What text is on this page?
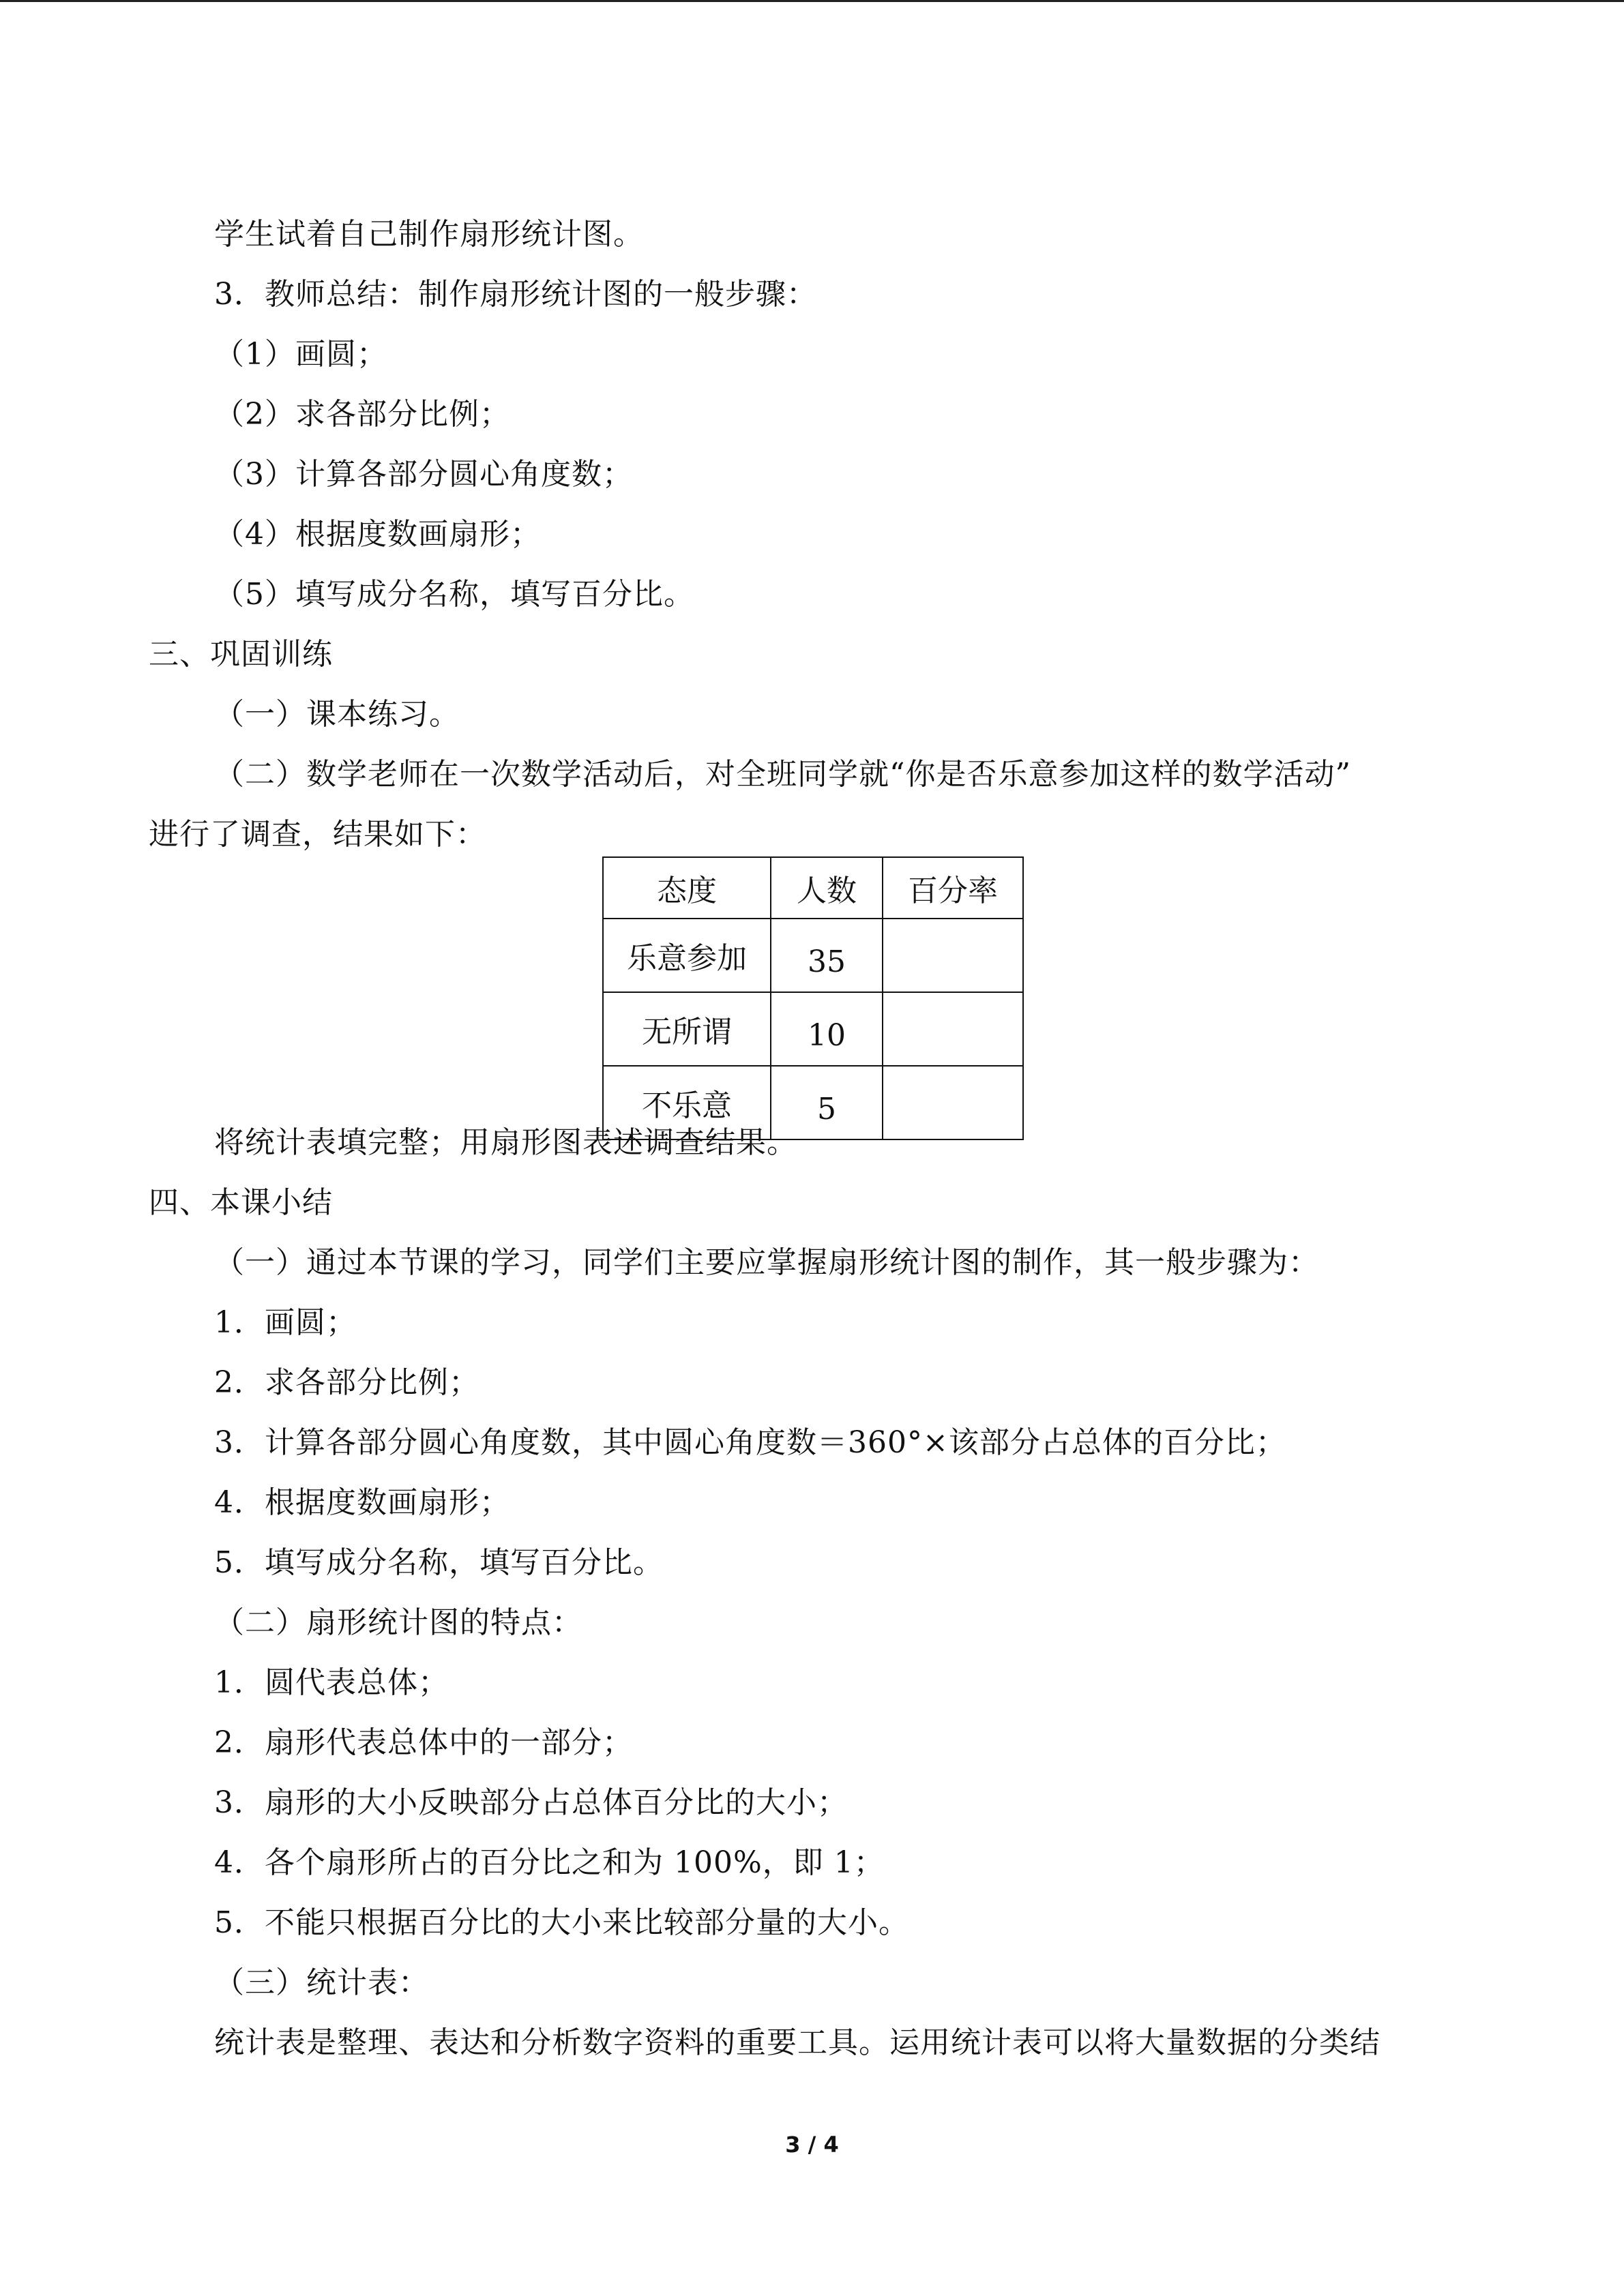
学生试着自己制作扇形统计图。
3．教师总结：制作扇形统计图的一般步骤：
（1）画圆；
（2）求各部分比例；
（3）计算各部分圆心角度数；
（4）根据度数画扇形；
（5）填写成分名称，填写百分比。
三、巩固训练
（一）课本练习。
（二）数学老师在一次数学活动后，对全班同学就“你是否乐意参加这样的数学活动”
进行了调查，结果如下：
态度	人数	百分率
乐意参加	35	
无所谓	10	
不乐意	5	
将统计表填完整；用扇形图表述调查结果。
四、本课小结
（一）通过本节课的学习，同学们主要应掌握扇形统计图的制作，其一般步骤为：
1．画圆；
2．求各部分比例；
3．计算各部分圆心角度数，其中圆心角度数＝360°×该部分占总体的百分比；
4．根据度数画扇形；
5．填写成分名称，填写百分比。
（二）扇形统计图的特点：
1．圆代表总体；
2．扇形代表总体中的一部分；
3．扇形的大小反映部分占总体百分比的大小；
4．各个扇形所占的百分比之和为 100%，即 1；
5．不能只根据百分比的大小来比较部分量的大小。
（三）统计表：
统计表是整理、表达和分析数字资料的重要工具。运用统计表可以将大量数据的分类结
3 / 4
